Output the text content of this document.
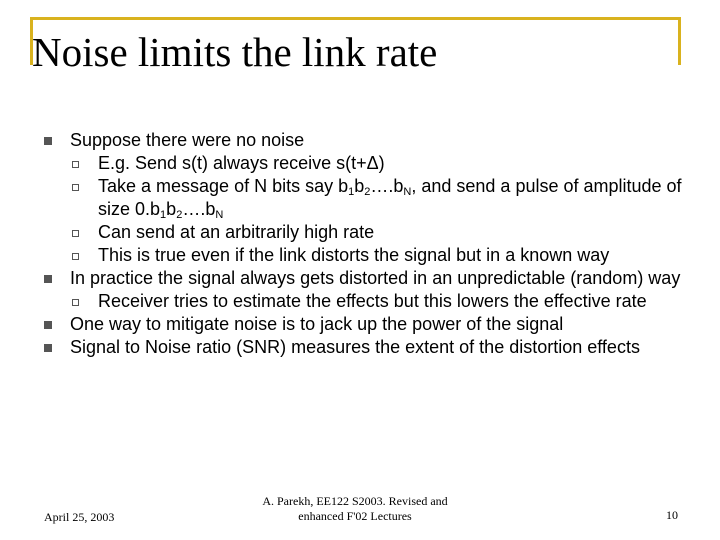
Noise limits the link rate
Suppose there were no noise
E.g. Send s(t) always receive s(t+Δ)
Take a message of N bits say $b_1b_2\dots.b_N$, and send a pulse of amplitude of size $0.b_1b_2\dots.b_N$
Can send at an arbitrarily high rate
This is true even if the link distorts the signal but in a known way
In practice the signal always gets distorted in an unpredictable (random) way
Receiver tries to estimate the effects but this lowers the effective rate
One way to mitigate noise is to jack up the power of the signal
Signal to Noise ratio (SNR) measures the extent of the distortion effects
April 25, 2003
A. Parekh, EE122 S2003. Revised and enhanced F'02 Lectures	10
